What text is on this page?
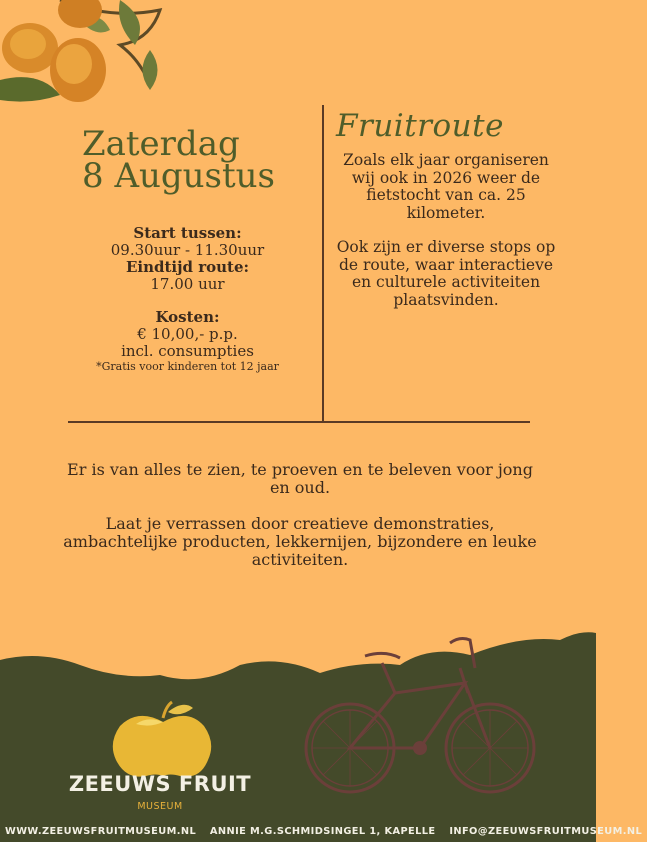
Zaterdag
8 Augustus

Start tussen:

09.30uur - 11.30uur

Eindtijd route:

17.00 uur

Kosten:

€ 10,00,- p.p.

incl. consumpties

*Gratis voor kinderen tot 12 jaar

Fruitroute

Zoals elk jaar organiseren wij ook in 2026 weer de fietstocht van ca. 25 kilometer.

Ook zijn er diverse stops op de route, waar interactieve en culturele activiteiten plaatsvinden.

Er is van alles te zien, te proeven en te beleven voor jong en oud.

Laat je verrassen door creatieve demonstraties, ambachtelijke producten, lekkernijen, bijzondere en leuke activiteiten.

ZEEUWS FRUIT
MUSEUM
WWW.ZEEUWSFRUITMUSEUM.NL ANNIE M.G.SCHMIDSINGEL 1, KAPELLE INFO@ZEEUWSFRUITMUSEUM.NL
